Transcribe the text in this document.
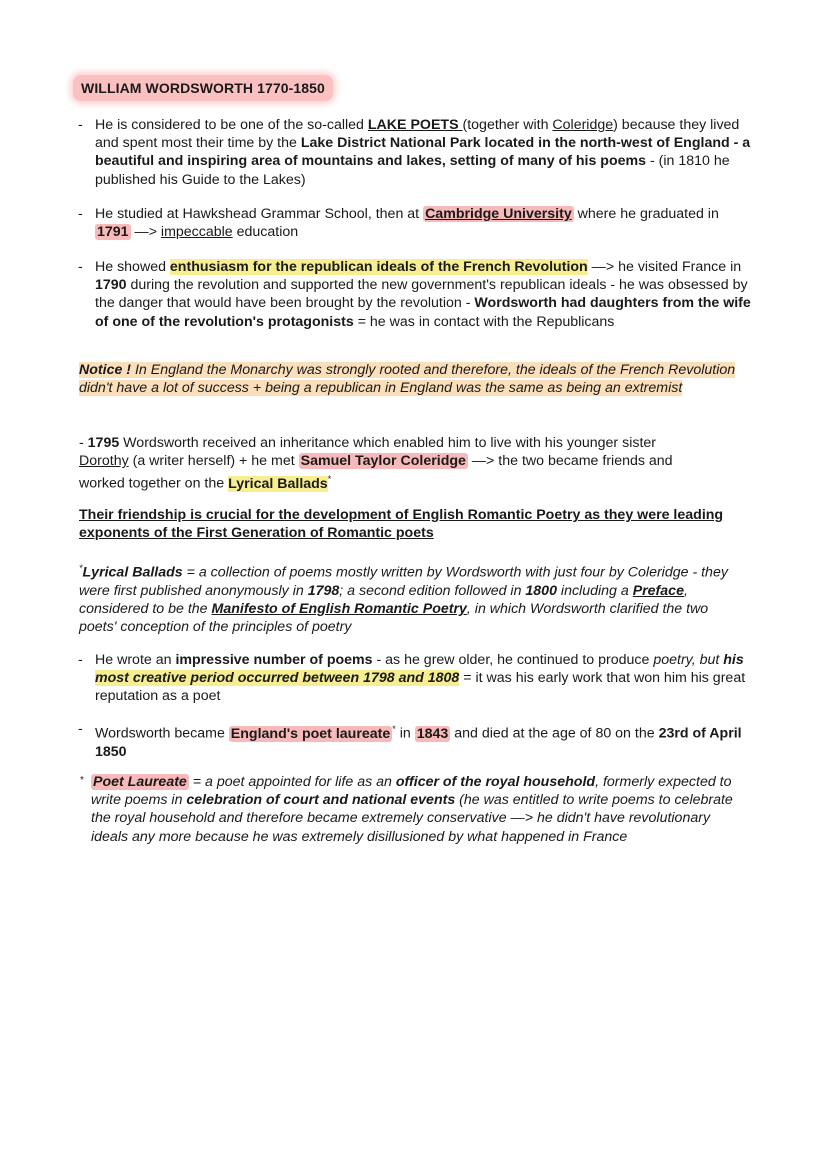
WILLIAM WORDSWORTH 1770-1850
- He is considered to be one of the so-called LAKE POETS (together with Coleridge) because they lived and spent most their time by the Lake District National Park located in the north-west of England - a beautiful and inspiring area of mountains and lakes, setting of many of his poems - (in 1810 he published his Guide to the Lakes)

- He studied at Hawkshead Grammar School, then at Cambridge University where he graduated in 1791 —> impeccable education

- He showed enthusiasm for the republican ideals of the French Revolution —> he visited France in 1790 during the revolution and supported the new government's republican ideals - he was obsessed by the danger that would have been brought by the revolution - Wordsworth had daughters from the wife of one of the revolution's protagonists = he was in contact with the Republicans

Notice ! In England the Monarchy was strongly rooted and therefore, the ideals of the French Revolution didn't have a lot of success + being a republican in England was the same as being an extremist

- 1795 Wordsworth received an inheritance which enabled him to live with his younger sister Dorothy (a writer herself) + he met Samuel Taylor Coleridge —> the two became friends and worked together on the Lyrical Ballads*

Their friendship is crucial for the development of English Romantic Poetry as they were leading exponents of the First Generation of Romantic poets

*Lyrical Ballads = a collection of poems mostly written by Wordsworth with just four by Coleridge - they were first published anonymously in 1798; a second edition followed in 1800 including a Preface, considered to be the Manifesto of English Romantic Poetry, in which Wordsworth clarified the two poets' conception of the principles of poetry

- He wrote an impressive number of poems - as he grew older, he continued to produce poetry, but his most creative period occurred between 1798 and 1808 = it was his early work that won him his great reputation as a poet

- Wordsworth became England's poet laureate * in 1843 and died at the age of 80 on the 23rd of April 1850

* Poet Laureate = a poet appointed for life as an officer of the royal household, formerly expected to write poems in celebration of court and national events (he was entitled to write poems to celebrate the royal household and therefore became extremely conservative —> he didn't have revolutionary ideals any more because he was extremely disillusioned by what happened in France
